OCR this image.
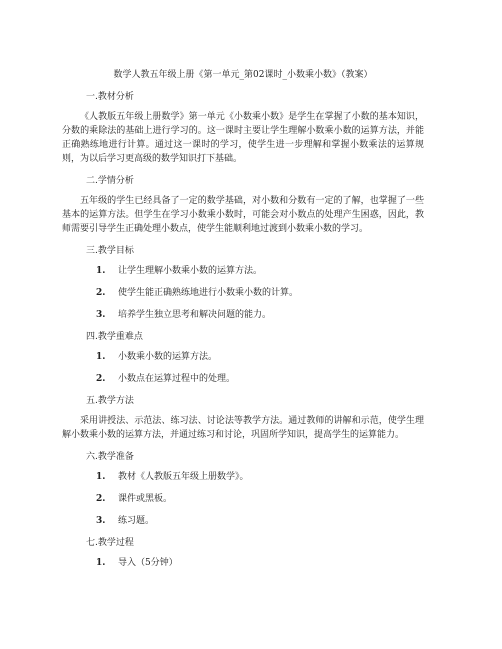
数学人教五年级上册《第一单元_第02课时_小数乘小数》（教案）
一.教材分析
《人教版五年级上册数学》第一单元《小数乘小数》是学生在掌握了小数的基本知识，分数的乘除法的基础上进行学习的。这一课时主要让学生理解小数乘小数的运算方法，并能正确熟练地进行计算。通过这一课时的学习，使学生进一步理解和掌握小数乘法的运算规则，为以后学习更高级的数学知识打下基础。
二.学情分析
五年级的学生已经具备了一定的数学基础，对小数和分数有一定的了解，也掌握了一些基本的运算方法。但学生在学习小数乘小数时，可能会对小数点的处理产生困惑，因此，教师需要引导学生正确处理小数点，使学生能顺利地过渡到小数乘小数的学习。
三.教学目标
1.	让学生理解小数乘小数的运算方法。
2.	使学生能正确熟练地进行小数乘小数的计算。
3.	培养学生独立思考和解决问题的能力。
四.教学重难点
1.	小数乘小数的运算方法。
2.	小数点在运算过程中的处理。
五.教学方法
采用讲授法、示范法、练习法、讨论法等教学方法。通过教师的讲解和示范，使学生理解小数乘小数的运算方法，并通过练习和讨论，巩固所学知识，提高学生的运算能力。
六.教学准备
1.	教材《人教版五年级上册数学》。
2.	课件或黑板。
3.	练习题。
七.教学过程
1.	导入（5分钟）
